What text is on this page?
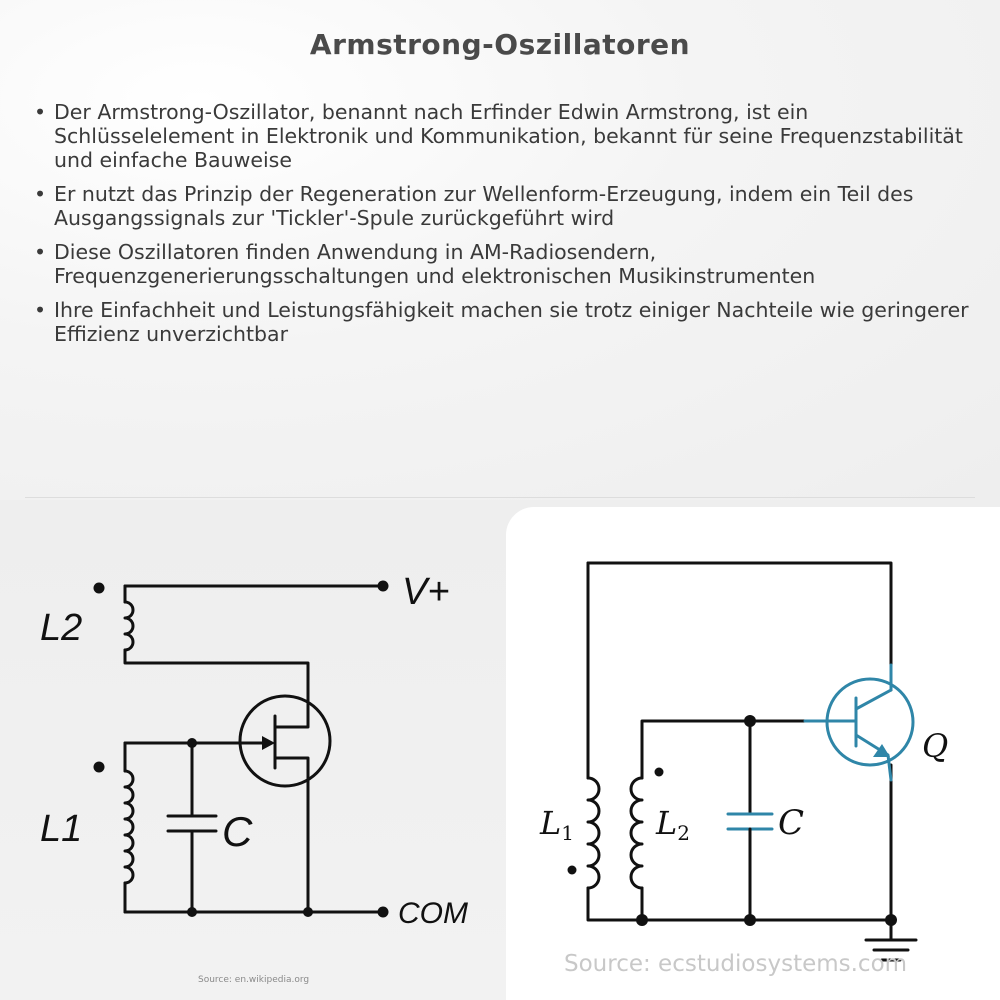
Armstrong-Oszillatoren
• Der Armstrong-Oszillator, benannt nach Erfinder Edwin Armstrong, ist ein Schlüsselelement in Elektronik und Kommunikation, bekannt für seine Frequenzstabilität und einfache Bauweise
• Er nutzt das Prinzip der Regeneration zur Wellenform-Erzeugung, indem ein Teil des Ausgangssignals zur 'Tickler'-Spule zurückgeführt wird
• Diese Oszillatoren finden Anwendung in AM-Radiosendern, Frequenzgenerierungsschaltungen und elektronischen Musikinstrumenten
• Ihre Einfachheit und Leistungsfähigkeit machen sie trotz einiger Nachteile wie geringerer Effizienz unverzichtbar
V+
COM
L2
L1	C	L1	L2	C
Q
Source: en.wikipedia.org
Source: ecstudiosystems.com
